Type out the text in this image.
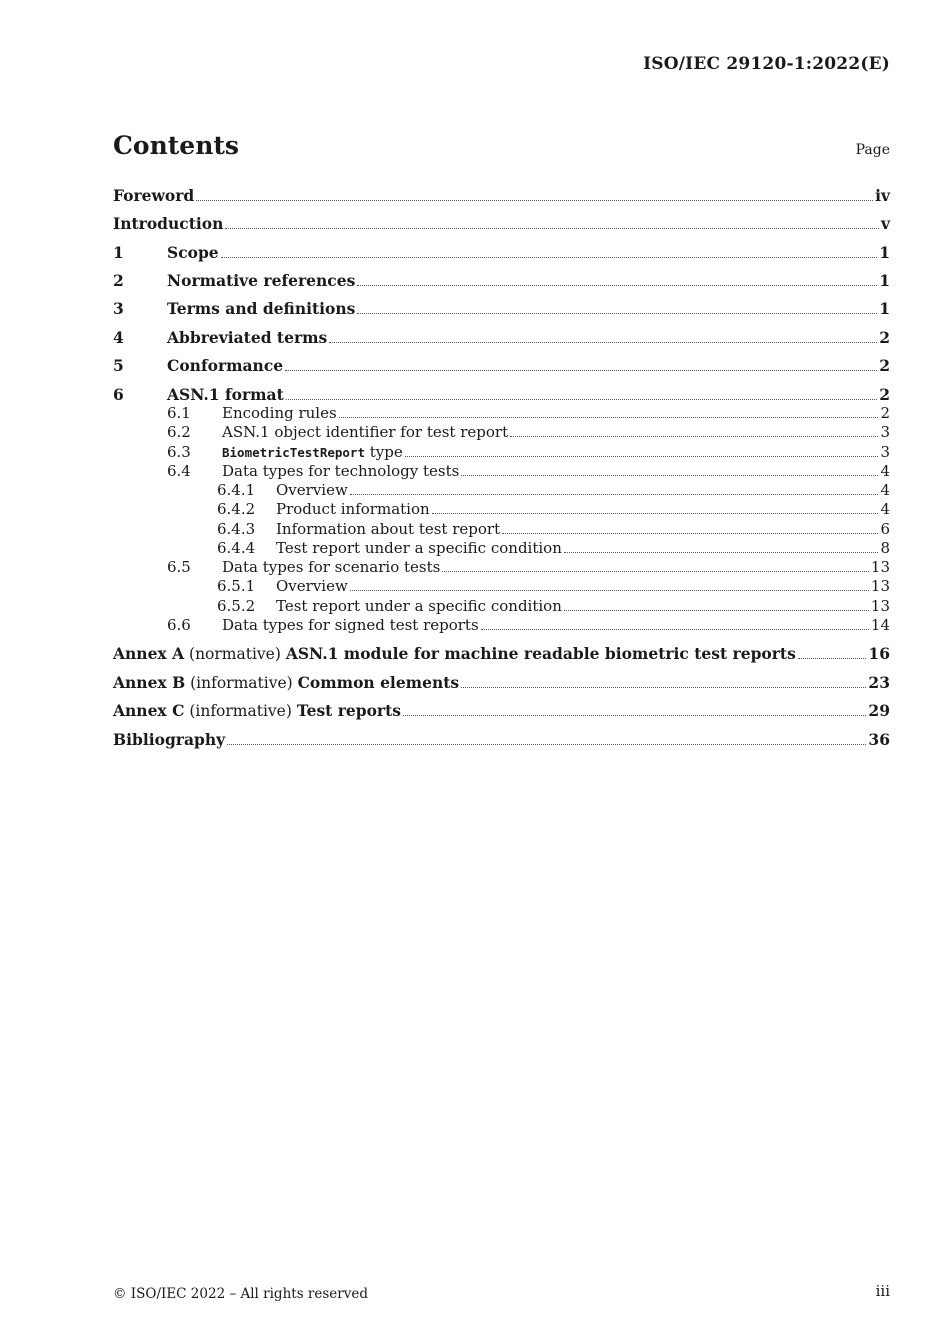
ISO/IEC 29120-1:2022(E)
Contents	Page
Foreword	iv
Introduction	v
1	Scope	1
2	Normative references	1
3	Terms and definitions	1
4	Abbreviated terms	2
5	Conformance	2
6	ASN.1 format	2
6.1	Encoding rules	2
6.2	ASN.1 object identifier for test report	3
6.3	BiometricTestReport type	3
6.4	Data types for technology tests	4
6.4.1	Overview	4
6.4.2	Product information	4
6.4.3	Information about test report	6
6.4.4	Test report under a specific condition	8
6.5	Data types for scenario tests	13
6.5.1	Overview	13
6.5.2	Test report under a specific condition	13
6.6	Data types for signed test reports	14
Annex A (normative) ASN.1 module for machine readable biometric test reports	16
Annex B (informative) Common elements	23
Annex C (informative) Test reports	29
Bibliography	36
© ISO/IEC 2022 – All rights reserved	iii
